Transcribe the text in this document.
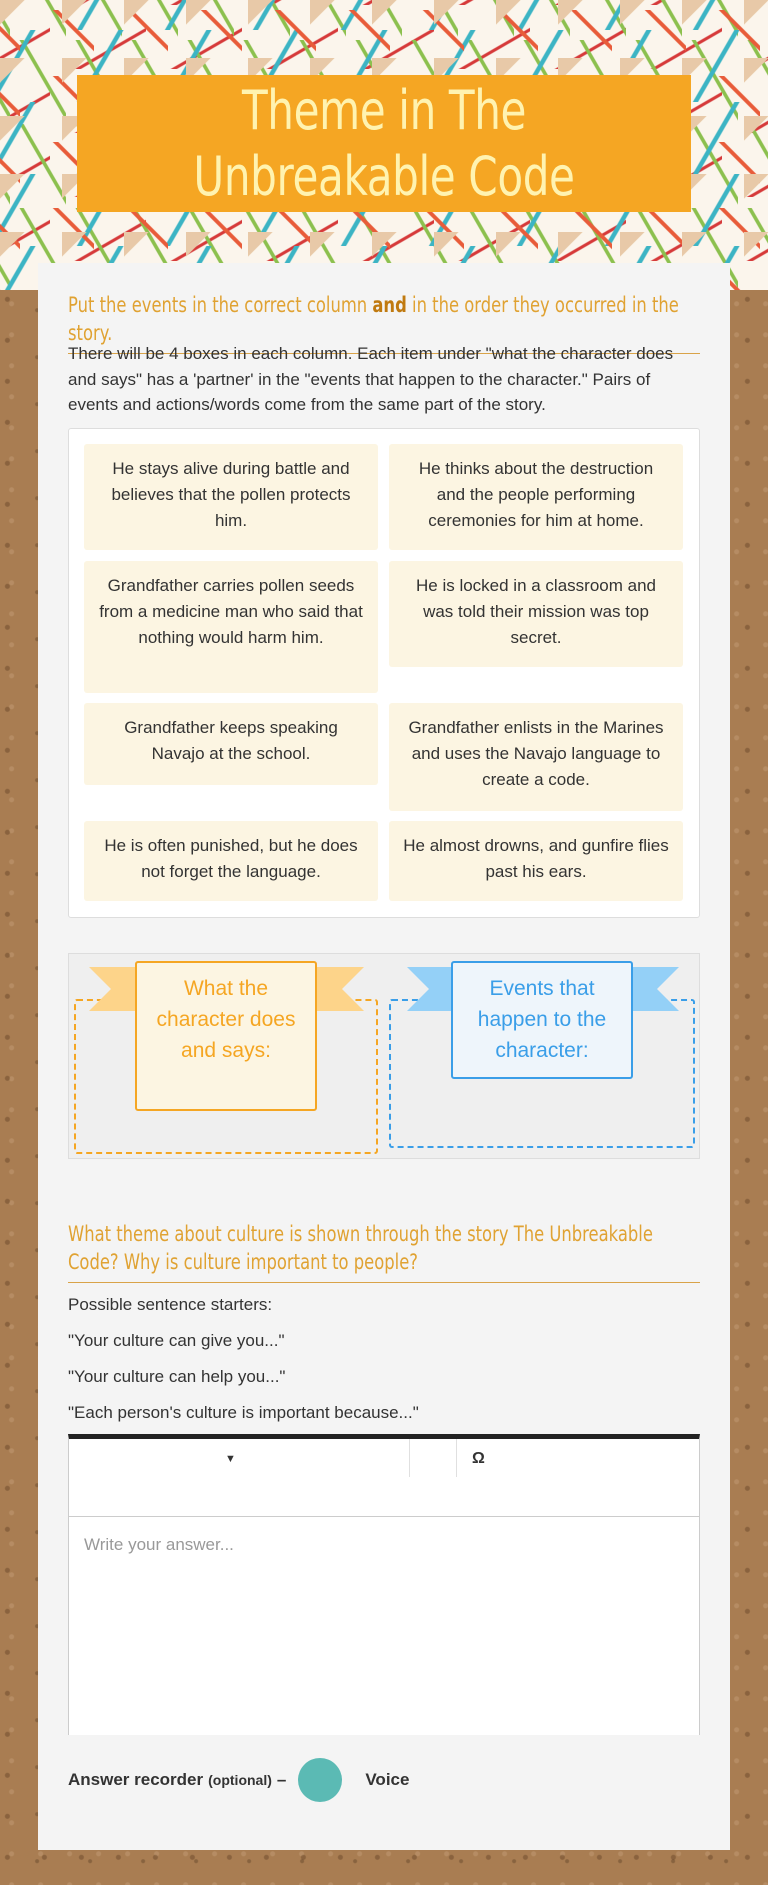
Theme in The Unbreakable Code
Put the events in the correct column and in the order they occurred in the story.
There will be 4 boxes in each column. Each item under "what the character does and says" has a 'partner' in the "events that happen to the character." Pairs of events and actions/words come from the same part of the story.
He stays alive during battle and believes that the pollen protects him.
He thinks about the destruction and the people performing ceremonies for him at home.
Grandfather carries pollen seeds from a medicine man who said that nothing would harm him.
He is locked in a classroom and was told their mission was top secret.
Grandfather keeps speaking Navajo at the school.
Grandfather enlists in the Marines and uses the Navajo language to create a code.
He is often punished, but he does not forget the language.
He almost drowns, and gunfire flies past his ears.
What the character does and says:
Events that happen to the character:
What theme about culture is shown through the story The Unbreakable Code? Why is culture important to people?
Possible sentence starters:
"Your culture can give you..."
"Your culture can help you..."
"Each person's culture is important because..."
▼	Ω
Write your answer...
Answer recorder (optional) –	Voice
